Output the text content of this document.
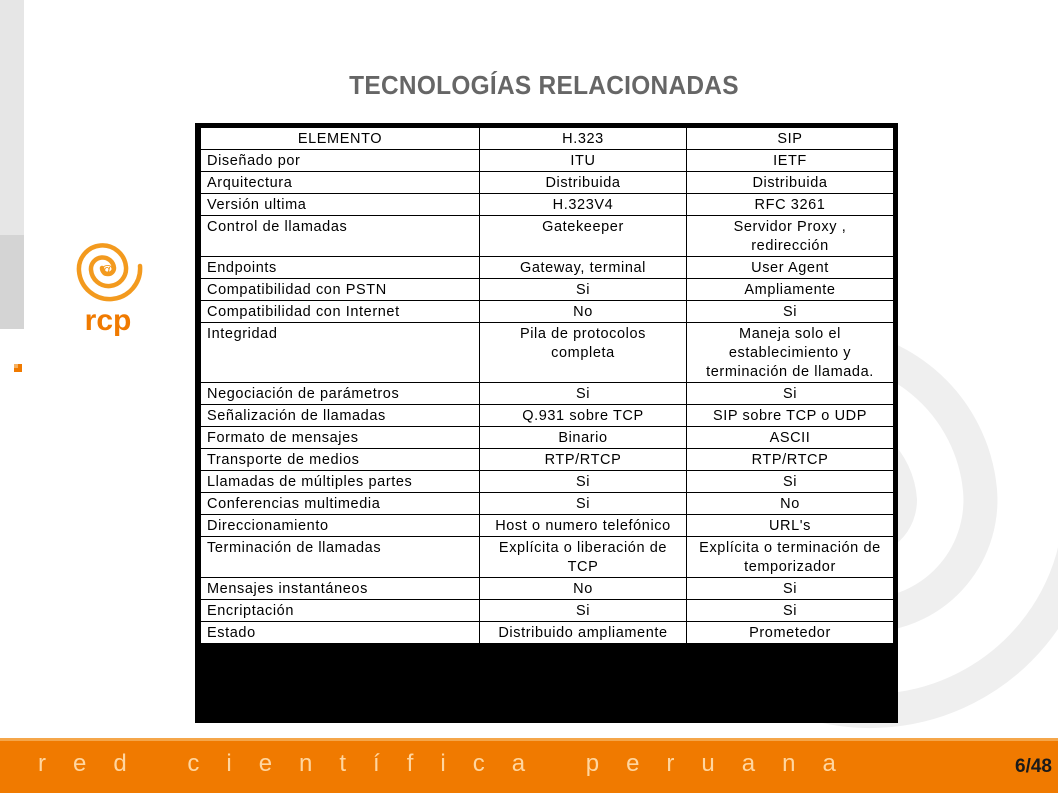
@
rcp
TECNOLOGÍAS RELACIONADAS
ELEMENTO	H.323	SIP
Diseñado por	ITU	IETF
Arquitectura	Distribuida	Distribuida
Versión ultima	H.323V4	RFC 3261
Control de llamadas	Gatekeeper	Servidor Proxy , redirección
Endpoints	Gateway, terminal	User Agent
Compatibilidad con PSTN	Si	Ampliamente
Compatibilidad con Internet	No	Si
Integridad	Pila de protocolos completa	Maneja solo el establecimiento y terminación de llamada.
Negociación de parámetros	Si	Si
Señalización de llamadas	Q.931 sobre TCP	SIP sobre TCP o UDP
Formato de mensajes	Binario	ASCII
Transporte de medios	RTP/RTCP	RTP/RTCP
Llamadas de múltiples partes	Si	Si
Conferencias multimedia	Si	No
Direccionamiento	Host o numero telefónico	URL's
Terminación de llamadas	Explícita o liberación de TCP	Explícita o terminación de temporizador
Mensajes instantáneos	No	Si
Encriptación	Si	Si
Estado	Distribuido ampliamente	Prometedor
red científica peruana	6/48
